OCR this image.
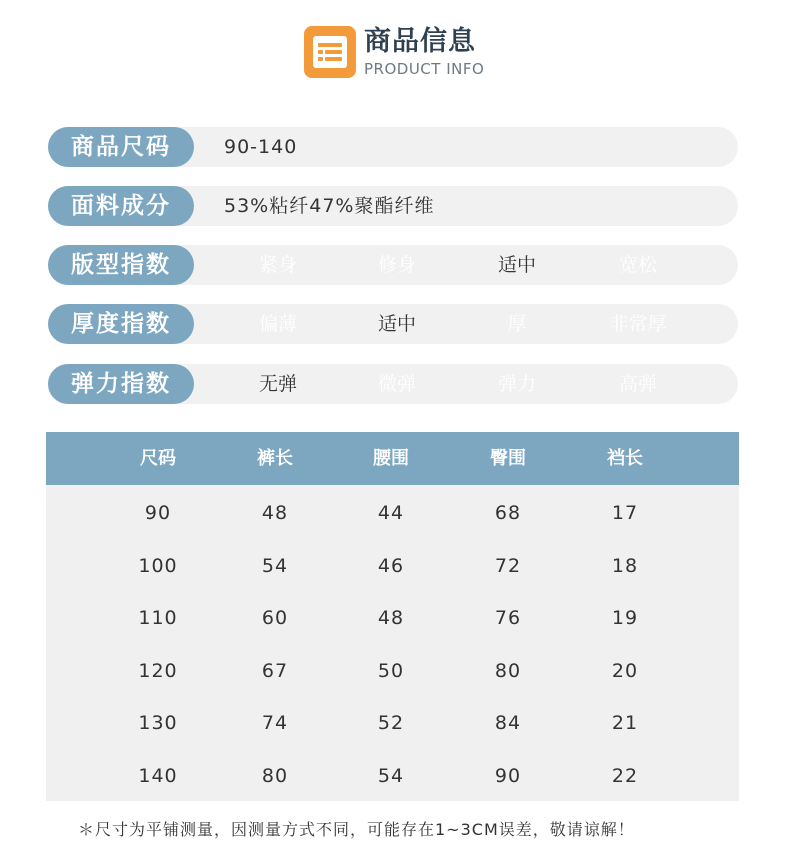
商品信息
PRODUCT INFO
商品尺码	90-140
面料成分	53%粘纤47%聚酯纤维
版型指数	紧身	修身	适中	宽松
厚度指数	偏薄	适中	厚	非常厚
弹力指数	无弹	微弹	弹力	高弹
尺码	裤长	腰围	臀围	裆长
90	48	44	68	17
100	54	46	72	18
110	60	48	76	19
120	67	50	80	20
130	74	52	84	21
140	80	54	90	22
＊尺寸为平铺测量，因测量方式不同，可能存在1~3CM误差，敬请谅解！
